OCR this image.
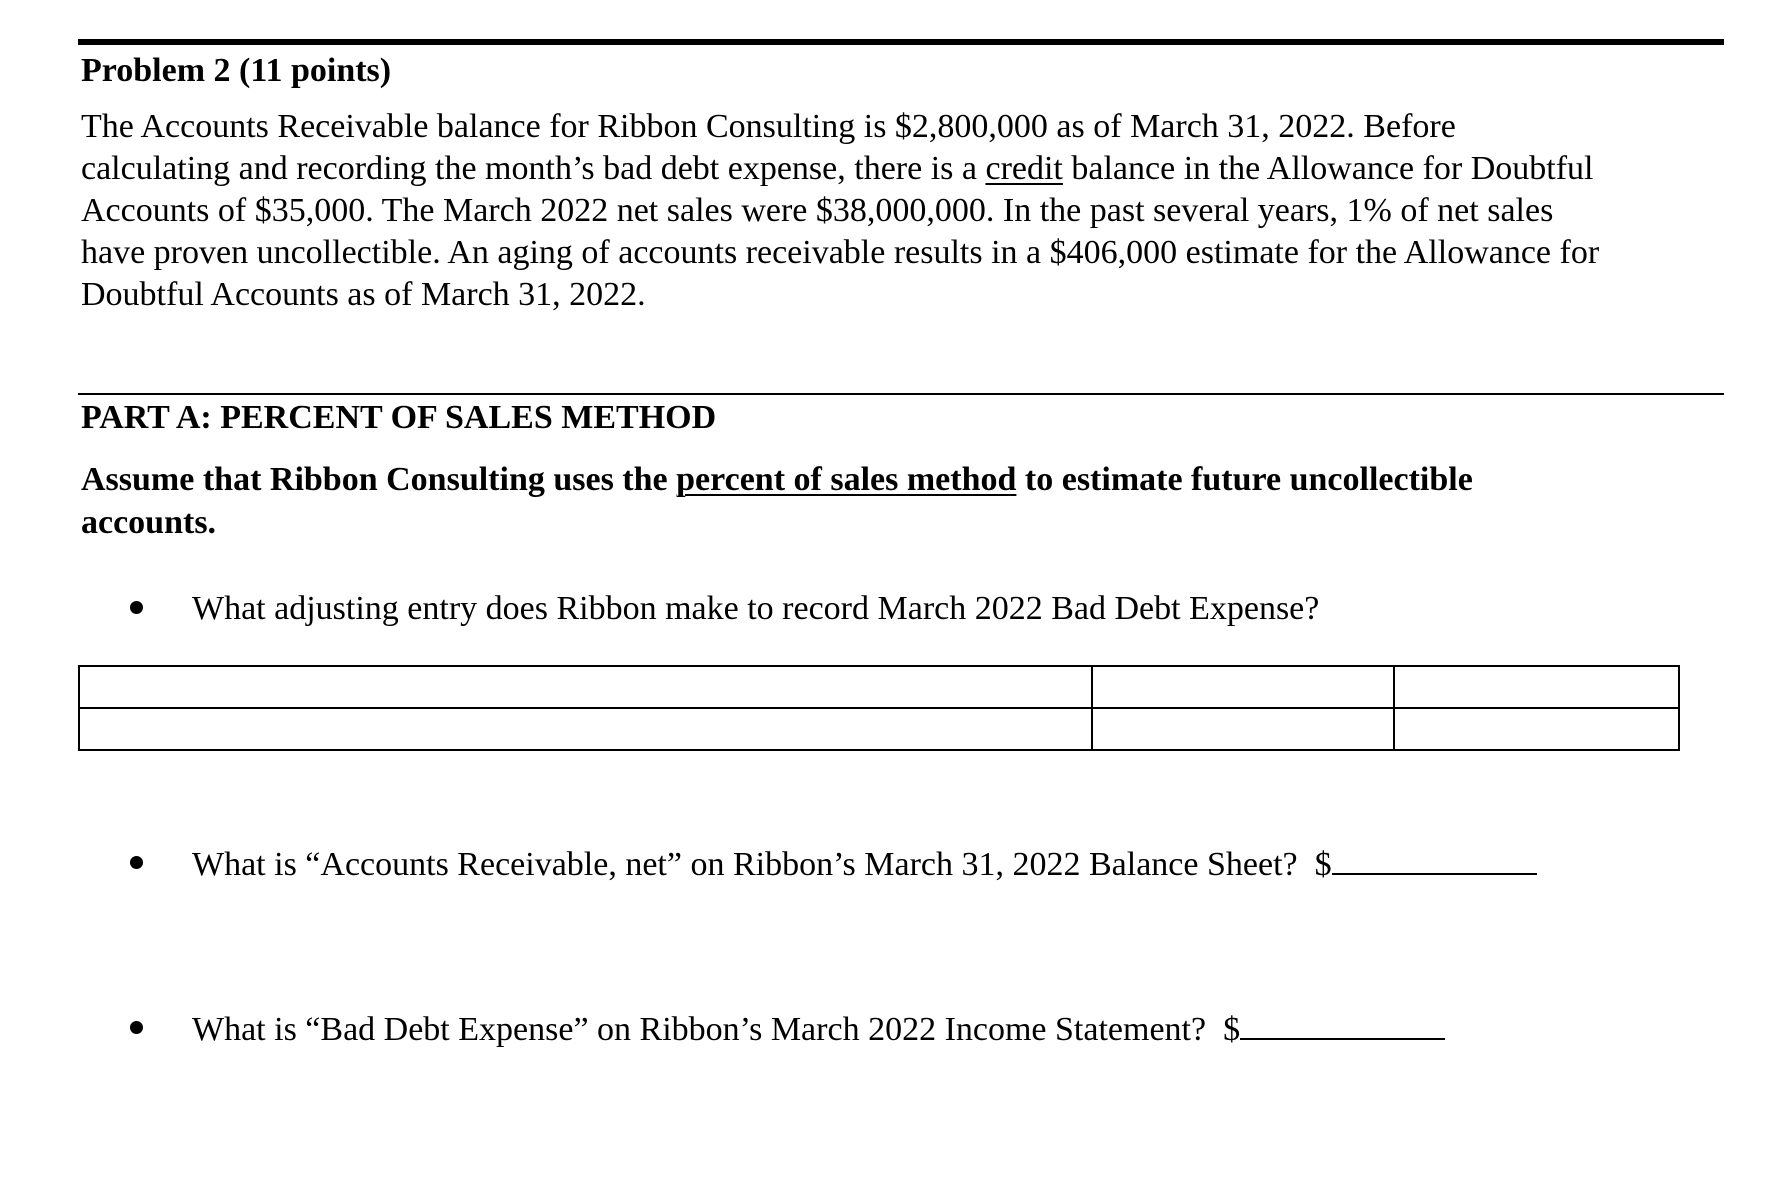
Problem 2 (11 points)
The Accounts Receivable balance for Ribbon Consulting is $2,800,000 as of March 31, 2022. Before
calculating and recording the month’s bad debt expense, there is a credit balance in the Allowance for Doubtful
Accounts of $35,000. The March 2022 net sales were $38,000,000. In the past several years, 1% of net sales
have proven uncollectible. An aging of accounts receivable results in a $406,000 estimate for the Allowance for
Doubtful Accounts as of March 31, 2022.
PART A: PERCENT OF SALES METHOD
Assume that Ribbon Consulting uses the percent of sales method to estimate future uncollectible
accounts.
What adjusting entry does Ribbon make to record March 2022 Bad Debt Expense?

What is “Accounts Receivable, net” on Ribbon’s March 31, 2022 Balance Sheet? $
What is “Bad Debt Expense” on Ribbon’s March 2022 Income Statement? $
